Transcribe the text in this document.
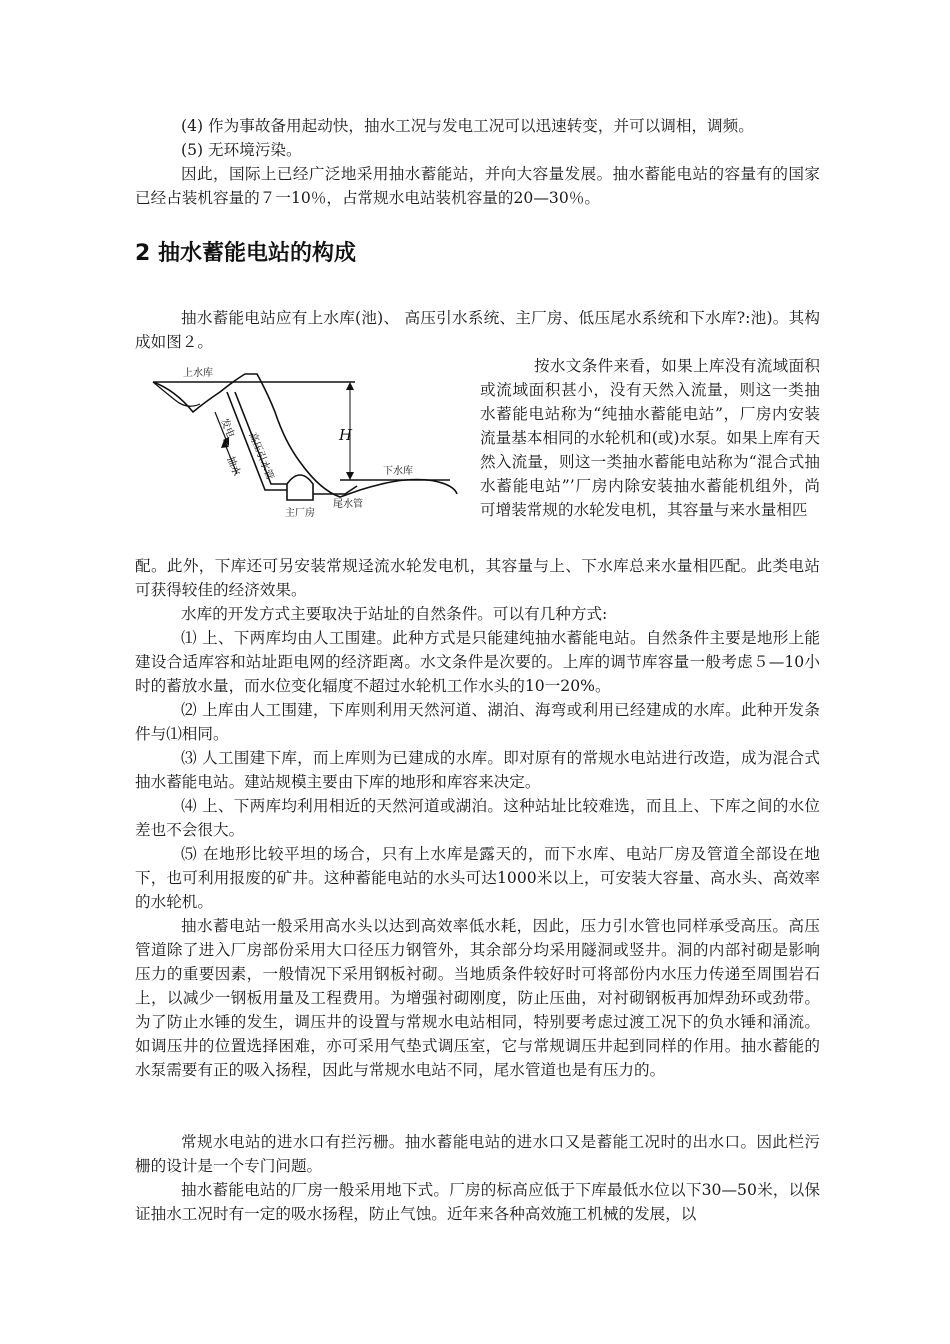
(4) 作为事故备用起动快，抽水工况与发电工况可以迅速转变，并可以调相，调频。

(5) 无环境污染。

因此，国际上已经广泛地采用抽水蓄能站，并向大容量发展。抽水蓄能电站的容量有的国家已经占装机容量的７一10％，占常规水电站装机容量的20—30％。

2 抽水蓄能电站的构成

抽水蓄能电站应有上水库(池)、 高压引水系统、主厂房、低压尾水系统和下水库?:池)。其构成如图２。

上水库
下水库
H
发电
抽水 高压引水管
主厂房
尾水管

按水文条件来看，如果上库没有流域面积或流域面积甚小，没有天然入流量，则这一类抽水蓄能电站称为“纯抽水蓄能电站”，厂房内安装流量基本相同的水轮机和(或)水泵。如果上库有天然入流量，则这一类抽水蓄能电站称为“混合式抽水蓄能电站”’厂房内除安装抽水蓄能机组外，尚可增装常规的水轮发电机，其容量与来水量相匹

配。此外，下库还可另安装常规迳流水轮发电机，其容量与上、下水库总来水量相匹配。此类电站可获得较佳的经济效果。

水库的开发方式主要取决于站址的自然条件。可以有几种方式:

⑴ 上、下两库均由人工围建。此种方式是只能建纯抽水蓄能电站。自然条件主要是地形上能建设合适库容和站址距电网的经济距离。水文条件是次要的。上库的调节库容量一般考虑５—10小时的蓄放水量，而水位变化辐度不超过水轮机工作水头的10一20%。

⑵ 上库由人工围建，下库则利用天然河道、湖泊、海弯或利用已经建成的水库。此种开发条件与⑴相同。

⑶ 人工围建下库，而上库则为已建成的水库。即对原有的常规水电站进行改造，成为混合式抽水蓄能电站。建站规模主要由下库的地形和库容来决定。

⑷ 上、下两库均利用相近的天然河道或湖泊。这种站址比较难选，而且上、下库之间的水位差也不会很大。

⑸ 在地形比较平坦的场合，只有上水库是露天的，而下水库、电站厂房及管道全部设在地下，也可利用报废的矿井。这种蓄能电站的水头可达1000米以上，可安装大容量、高水头、高效率的水轮机。

抽水蓄电站一般采用高水头以达到高效率低水耗，因此，压力引水管也同样承受高压。高压管道除了进入厂房部份采用大口径压力钢管外，其余部分均采用隧洞或竖井。洞的内部衬砌是影响压力的重要因素，一般情况下采用钢板衬砌。当地质条件较好时可将部份内水压力传递至周围岩石上，以减少一钢板用量及工程费用。为增强衬砌刚度，防止压曲，对衬砌钢板再加焊劲环或劲带。为了防止水锤的发生，调压井的设置与常规水电站相同，特别要考虑过渡工况下的负水锤和涌流。如调压井的位置选择困难，亦可采用气垫式调压室，它与常规调压井起到同样的作用。抽水蓄能的水泵需要有正的吸入扬程，因此与常规水电站不同，尾水管道也是有压力的。

常规水电站的进水口有拦污栅。抽水蓄能电站的进水口又是蓄能工况时的出水口。因此栏污栅的设计是一个专门问题。

抽水蓄能电站的厂房一般采用地下式。厂房的标高应低于下库最低水位以下30—50米，以保证抽水工况时有一定的吸水扬程，防止气蚀。近年来各种高效施工机械的发展，以
